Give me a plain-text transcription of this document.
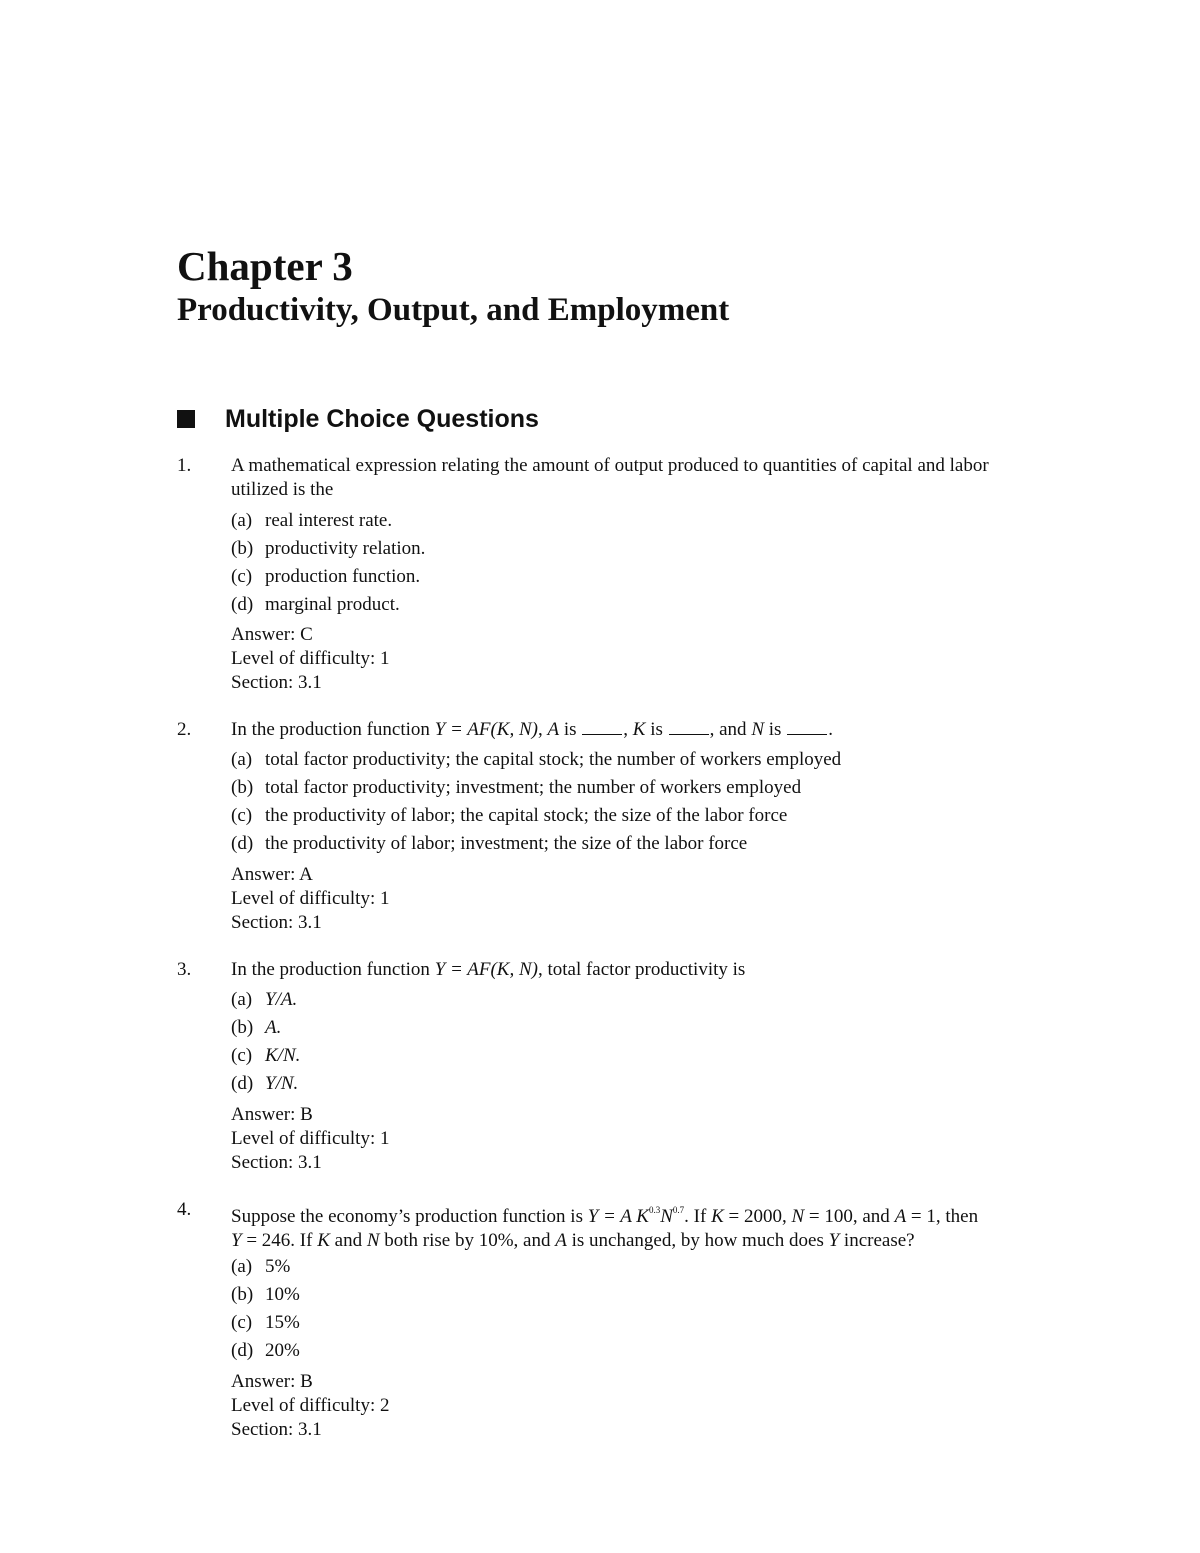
Chapter 3
Productivity, Output, and Employment
Multiple Choice Questions
1. A mathematical expression relating the amount of output produced to quantities of capital and labor
utilized is the
(a) real interest rate.
(b) productivity relation.
(c) production function.
(d) marginal product.
Answer: C
Level of difficulty: 1
Section: 3.1
2. In the production function Y = AF(K, N), A is , K is , and N is .
(a) total factor productivity; the capital stock; the number of workers employed
(b) total factor productivity; investment; the number of workers employed
(c) the productivity of labor; the capital stock; the size of the labor force
(d) the productivity of labor; investment; the size of the labor force
Answer: A
Level of difficulty: 1
Section: 3.1
3. In the production function Y = AF(K, N), total factor productivity is
(a) Y/A.
(b) A.
(c) K/N.
(d) Y/N.
Answer: B
Level of difficulty: 1
Section: 3.1
4. Suppose the economy’s production function is Y = A $K^{0.3}N^{0.7}$. If K = 2000, N = 100, and A = 1, then
Y = 246. If K and N both rise by 10%, and A is unchanged, by how much does Y increase?
(a) 5%
(b) 10%
(c) 15%
(d) 20%
Answer: B
Level of difficulty: 2
Section: 3.1
